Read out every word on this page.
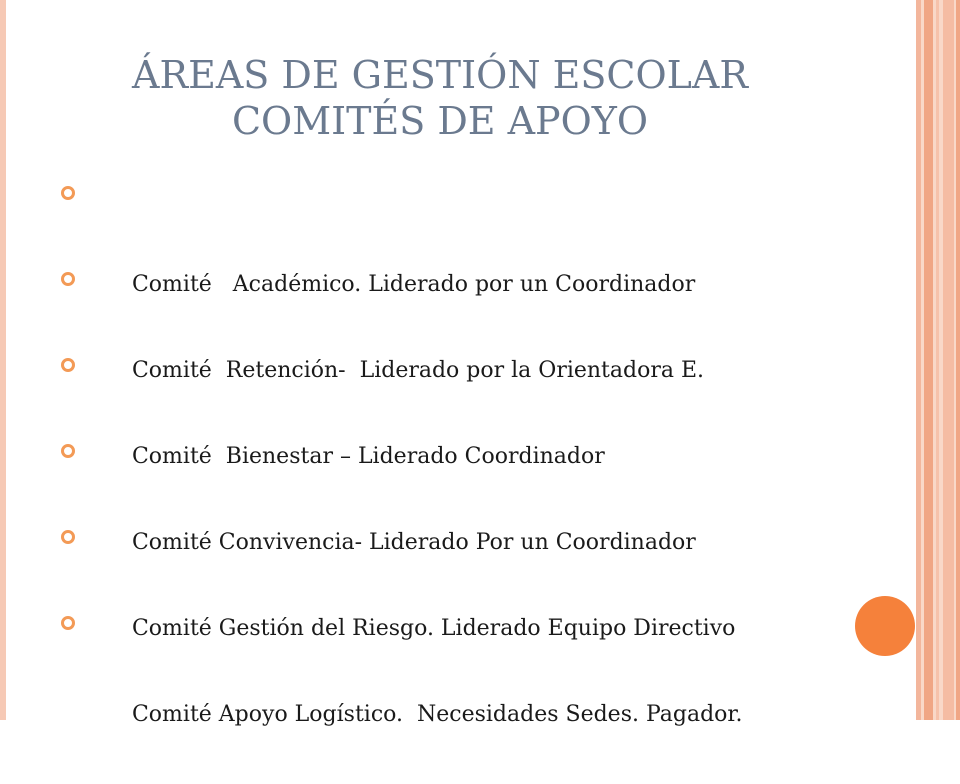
ÁREAS DE GESTIÓN ESCOLAR
COMITÉS DE APOYO

Comité   Académico. Liderado por un Coordinador

Comité  Retención-  Liderado por la Orientadora E.

Comité  Bienestar – Liderado Coordinador

Comité Convivencia- Liderado Por un Coordinador

Comité Gestión del Riesgo. Liderado Equipo Directivo

Comité Apoyo Logístico.  Necesidades Sedes. Pagador.
